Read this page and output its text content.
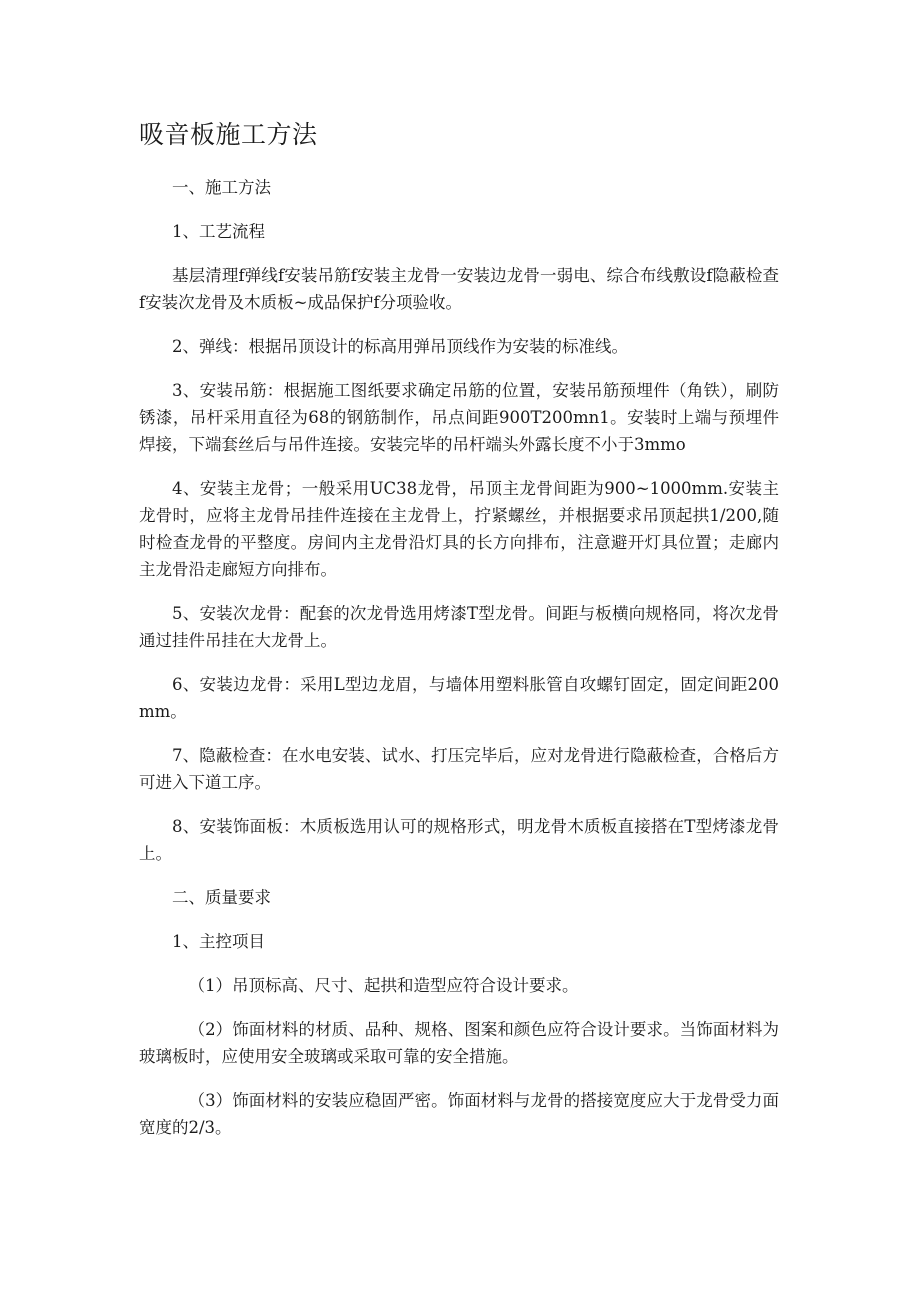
吸音板施工方法

一、施工方法

1、工艺流程

基层清理f弹线f安装吊筋f安装主龙骨一安装边龙骨一弱电、综合布线敷设f隐蔽检查f安装次龙骨及木质板~成品保护f分项验收。

2、弹线：根据吊顶设计的标高用弹吊顶线作为安装的标准线。

3、安装吊筋：根据施工图纸要求确定吊筋的位置，安装吊筋预埋件（角铁），刷防锈漆，吊杆采用直径为68的钢筋制作，吊点间距900T200mn1。安装时上端与预埋件焊接，下端套丝后与吊件连接。安装完毕的吊杆端头外露长度不小于3mmo

4、安装主龙骨；一般采用UC38龙骨，吊顶主龙骨间距为900~1000mm.安装主龙骨时，应将主龙骨吊挂件连接在主龙骨上，拧紧螺丝，并根据要求吊顶起拱1/200,随时检查龙骨的平整度。房间内主龙骨沿灯具的长方向排布，注意避开灯具位置；走廊内主龙骨沿走廊短方向排布。

5、安装次龙骨：配套的次龙骨选用烤漆T型龙骨。间距与板横向规格同，将次龙骨通过挂件吊挂在大龙骨上。

6、安装边龙骨：采用L型边龙眉，与墙体用塑料胀管自攻螺钉固定，固定间距200mm。

7、隐蔽检查：在水电安装、试水、打压完毕后，应对龙骨进行隐蔽检查，合格后方可进入下道工序。

8、安装饰面板：木质板选用认可的规格形式，明龙骨木质板直接搭在T型烤漆龙骨上。

二、质量要求

1、主控项目

（1）吊顶标高、尺寸、起拱和造型应符合设计要求。

（2）饰面材料的材质、品种、规格、图案和颜色应符合设计要求。当饰面材料为玻璃板时，应使用安全玻璃或采取可靠的安全措施。

（3）饰面材料的安装应稳固严密。饰面材料与龙骨的搭接宽度应大于龙骨受力面宽度的2/3。
